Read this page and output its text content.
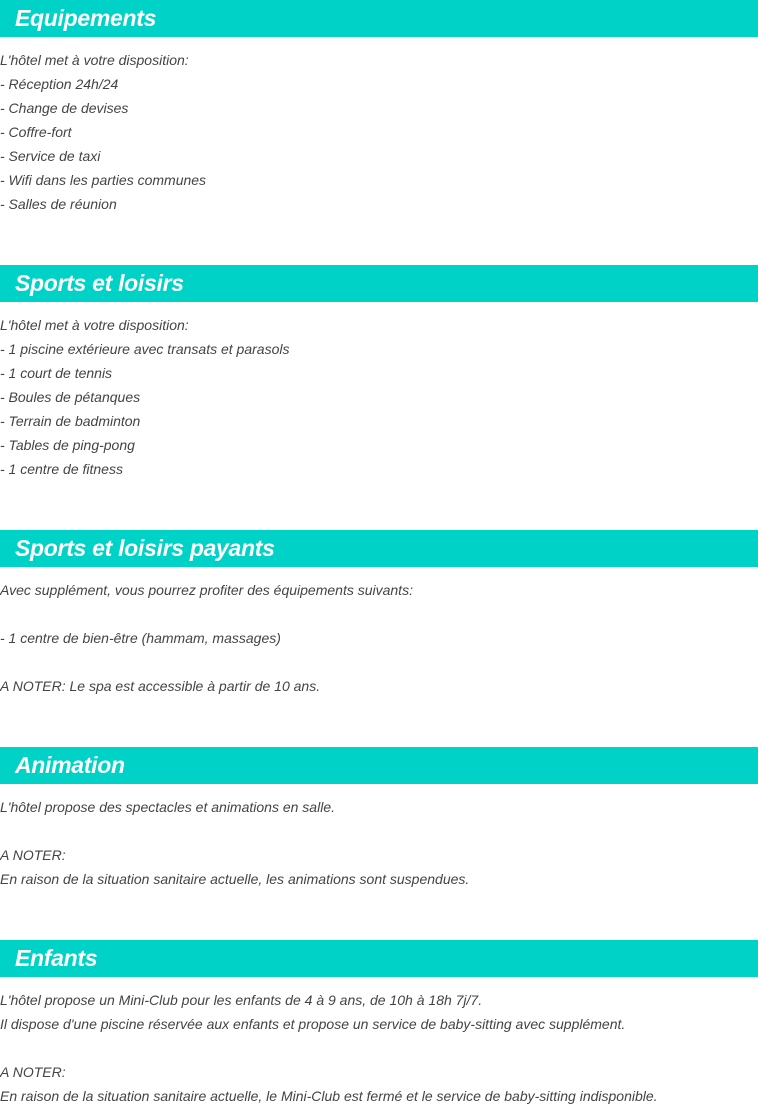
Equipements
L'hôtel met à votre disposition:
- Réception 24h/24
- Change de devises
- Coffre-fort
- Service de taxi
- Wifi dans les parties communes
- Salles de réunion
Sports et loisirs
L'hôtel met à votre disposition:
- 1 piscine extérieure avec transats et parasols
- 1 court de tennis
- Boules de pétanques
- Terrain de badminton
- Tables de ping-pong
- 1 centre de fitness
Sports et loisirs payants
Avec supplément, vous pourrez profiter des équipements suivants:
- 1 centre de bien-être (hammam, massages)
A NOTER: Le spa est accessible à partir de 10 ans.
Animation
L'hôtel propose des spectacles et animations en salle.
A NOTER:
En raison de la situation sanitaire actuelle, les animations sont suspendues.
Enfants
L'hôtel propose un Mini-Club pour les enfants de 4 à 9 ans, de 10h à 18h 7j/7.
Il dispose d'une piscine réservée aux enfants et propose un service de baby-sitting avec supplément.
A NOTER:
En raison de la situation sanitaire actuelle, le Mini-Club est fermé et le service de baby-sitting indisponible.
